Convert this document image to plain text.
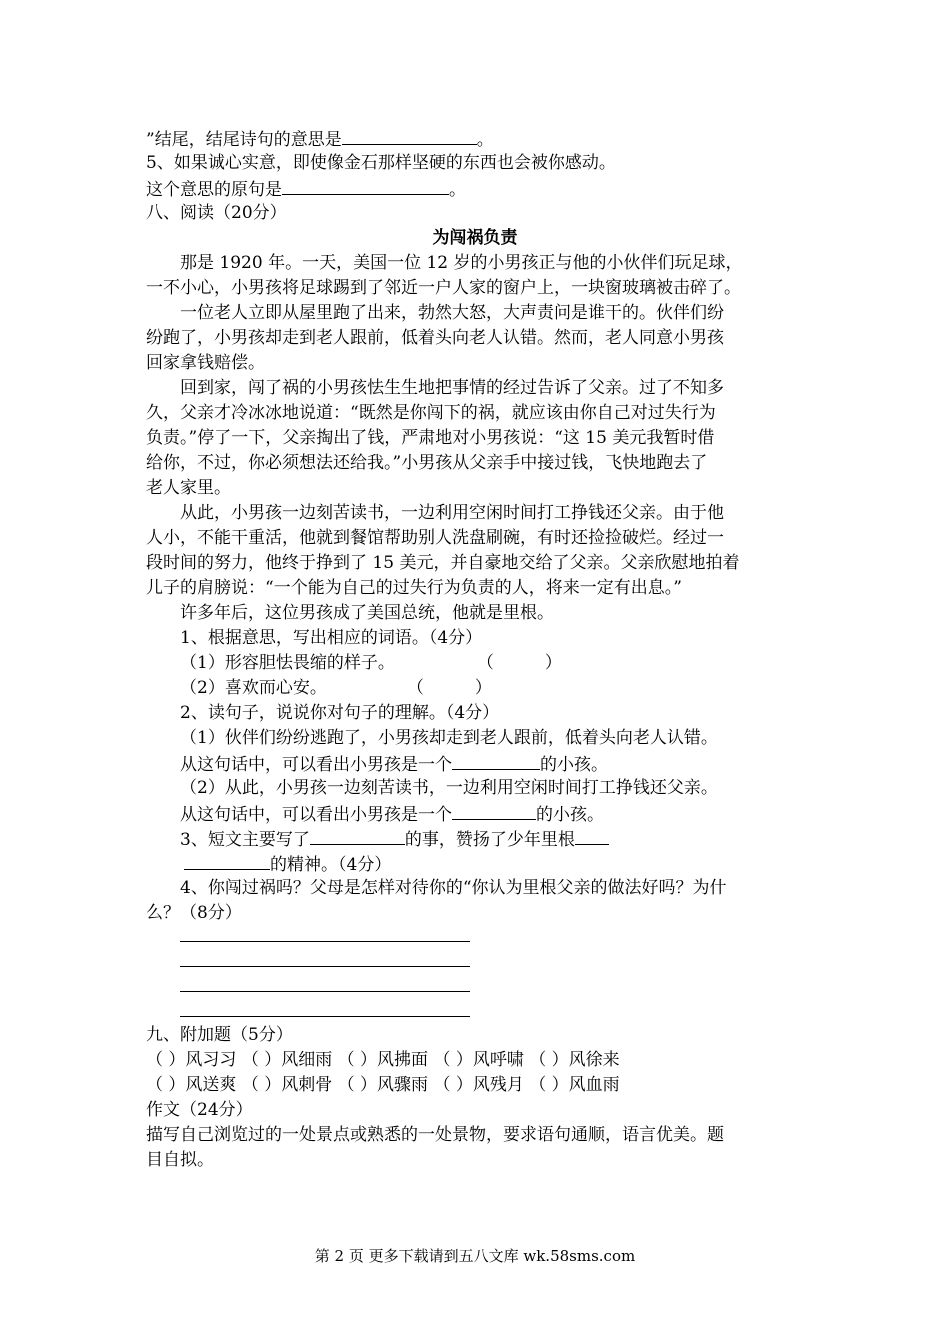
”结尾，结尾诗句的意思是	。
5、如果诚心实意，即使像金石那样坚硬的东西也会被你感动。
这个意思的原句是	。
八、阅读（20分）
为闯祸负责
那是 1920 年。一天，美国一位 12 岁的小男孩正与他的小伙伴们玩足球，
一不小心，小男孩将足球踢到了邻近一户人家的窗户上，一块窗玻璃被击碎了。
一位老人立即从屋里跑了出来，勃然大怒，大声责问是谁干的。伙伴们纷
纷跑了，小男孩却走到老人跟前，低着头向老人认错。然而，老人同意小男孩
回家拿钱赔偿。
回到家，闯了祸的小男孩怯生生地把事情的经过告诉了父亲。过了不知多
久，父亲才冷冰冰地说道：“既然是你闯下的祸，就应该由你自己对过失行为
负责。”停了一下，父亲掏出了钱，严肃地对小男孩说：“这 15 美元我暂时借
给你，不过，你必须想法还给我。”小男孩从父亲手中接过钱，飞快地跑去了
老人家里。
从此，小男孩一边刻苦读书，一边利用空闲时间打工挣钱还父亲。由于他
人小，不能干重活，他就到餐馆帮助别人洗盘刷碗，有时还捡捡破烂。经过一
段时间的努力，他终于挣到了 15 美元，并自豪地交给了父亲。父亲欣慰地拍着
儿子的肩膀说：“一个能为自己的过失行为负责的人，将来一定有出息。”
许多年后，这位男孩成了美国总统，他就是里根。
1、根据意思，写出相应的词语。（4分）
（1）形容胆怯畏缩的样子。	（　　　）
（2）喜欢而心安。	（　　　）
2、读句子，说说你对句子的理解。（4分）
（1）伙伴们纷纷逃跑了，小男孩却走到老人跟前，低着头向老人认错。
从这句话中，可以看出小男孩是一个	的小孩。
（2）从此，小男孩一边刻苦读书，一边利用空闲时间打工挣钱还父亲。
从这句话中，可以看出小男孩是一个	的小孩。
3、短文主要写了	的事，赞扬了少年里根
的精神。（4分）
4、你闯过祸吗？父母是怎样对待你的“你认为里根父亲的做法好吗？为什
么？（8分）
九、附加题（5分）
（ ）风习习 （ ）风细雨 （ ）风拂面 （ ）风呼啸 （ ）风徐来
（ ）风送爽 （ ）风刺骨 （ ）风骤雨 （ ）风残月 （ ）风血雨
作文（24分）
描写自己浏览过的一处景点或熟悉的一处景物，要求语句通顺，语言优美。题
目自拟。
第 2 页 更多下载请到五八文库 wk.58sms.com
